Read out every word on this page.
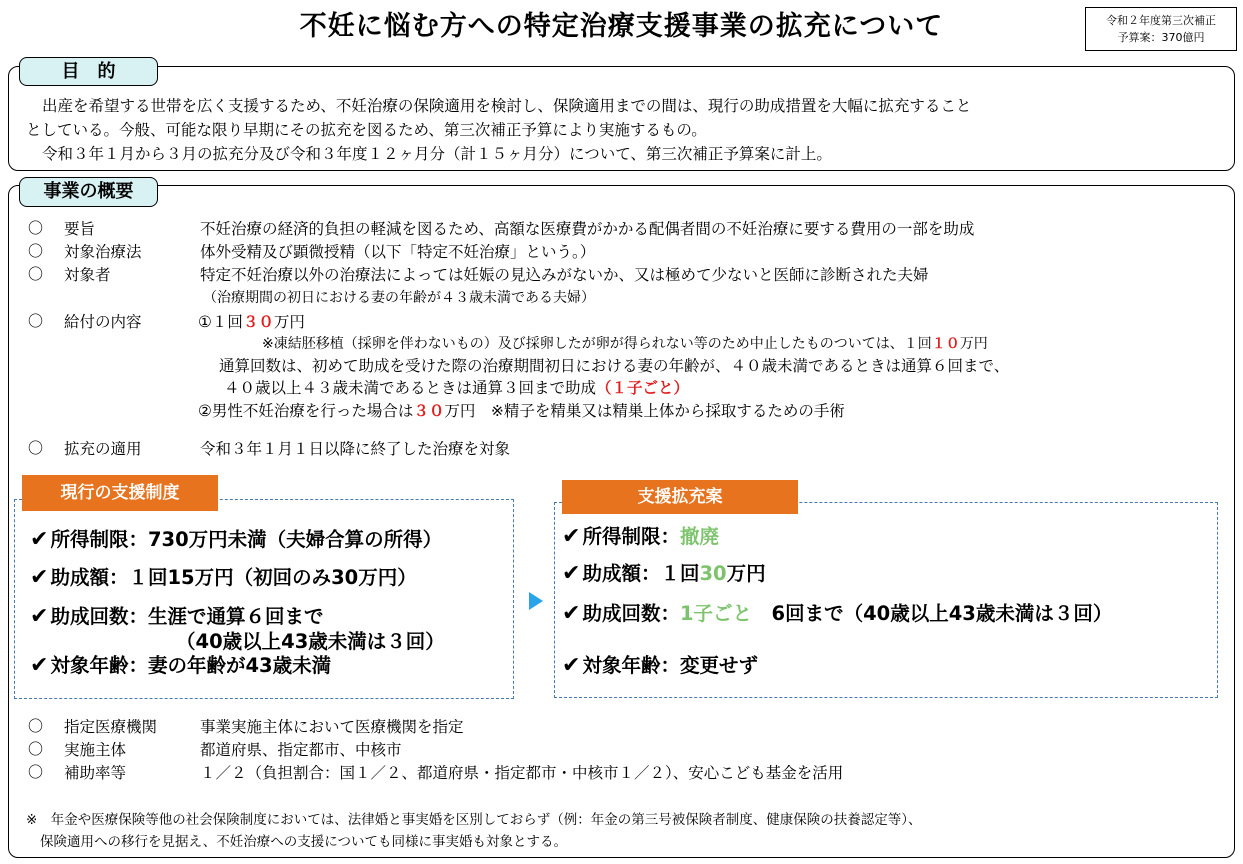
不妊に悩む方への特定治療支援事業の拡充について	令和２年度第三次補正
予算案：370億円
目　的
出産を希望する世帯を広く支援するため、不妊治療の保険適用を検討し、保険適用までの間は、現行の助成措置を大幅に拡充すること
としている。今般、可能な限り早期にその拡充を図るため、第三次補正予算により実施するもの。
令和３年１月から３月の拡充分及び令和３年度１２ヶ月分（計１５ヶ月分）について、第三次補正予算案に計上。
事業の概要
〇 要旨	不妊治療の経済的負担の軽減を図るため、高額な医療費がかかる配偶者間の不妊治療に要する費用の一部を助成
〇 対象治療法	体外受精及び顕微授精（以下「特定不妊治療」という。）
〇 対象者	特定不妊治療以外の治療法によっては妊娠の見込みがないか、又は極めて少ないと医師に診断された夫婦
（治療期間の初日における妻の年齢が４３歳未満である夫婦）
〇 給付の内容	①１回３０万円
※凍結胚移植（採卵を伴わないもの）及び採卵したが卵が得られない等のため中止したものついては、１回１０万円
通算回数は、初めて助成を受けた際の治療期間初日における妻の年齢が、４０歳未満であるときは通算６回まで、
４０歳以上４３歳未満であるときは通算３回まで助成（１子ごと）
②男性不妊治療を行った場合は３０万円　※精子を精巣又は精巣上体から採取するための手術
〇 拡充の適用	令和３年１月１日以降に終了した治療を対象
現行の支援制度
✔ 所得制限：730万円未満（夫婦合算の所得）
✔ 助成額：１回15万円（初回のみ30万円）
✔ 助成回数：生涯で通算６回まで
（40歳以上43歳未満は３回）
✔ 対象年齢：妻の年齢が43歳未満
支援拡充案
✔ 所得制限：撤廃
✔ 助成額：１回30万円
✔ 助成回数：1子ごと　6回まで（40歳以上43歳未満は３回）
✔ 対象年齢：変更せず
〇 指定医療機関	事業実施主体において医療機関を指定
〇 実施主体	都道府県、指定都市、中核市
〇 補助率等	１／２（負担割合：国１／２、都道府県・指定都市・中核市１／２）、安心こども基金を活用
※　年金や医療保険等他の社会保険制度においては、法律婚と事実婚を区別しておらず（例：年金の第三号被保険者制度、健康保険の扶養認定等）、
保険適用への移行を見据え、不妊治療への支援についても同様に事実婚も対象とする。
